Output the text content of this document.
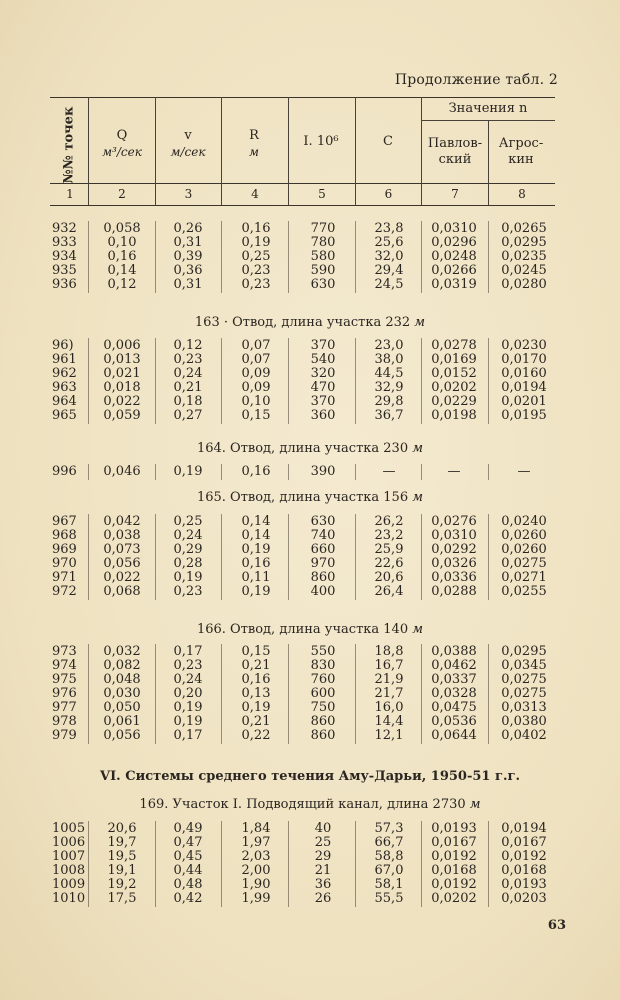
Продолжение табл. 2
№№ точек	Q
м³/сек
v
м/сек
R
м
I. 10⁶	C
Значения n
Павлов-ский
Агрос-кин
1	2	3	4	5	6	7	8
932	0,058	0,26	0,16	770	23,8	0,0310	0,0265
933	0,10	0,31	0,19	780	25,6	0,0296	0,0295
934	0,16	0,39	0,25	580	32,0	0,0248	0,0235
935	0,14	0,36	0,23	590	29,4	0,0266	0,0245
936	0,12	0,31	0,23	630	24,5	0,0319	0,0280
163 · Отвод, длина участка 232 м
96)	0,006	0,12	0,07	370	23,0	0,0278	0,0230
961	0,013	0,23	0,07	540	38,0	0,0169	0,0170
962	0,021	0,24	0,09	320	44,5	0,0152	0,0160
963	0,018	0,21	0,09	470	32,9	0,0202	0,0194
964	0,022	0,18	0,10	370	29,8	0,0229	0,0201
965	0,059	0,27	0,15	360	36,7	0,0198	0,0195
164. Отвод, длина участка 230 м
996	0,046	0,19	0,16	390	—	—	—
165. Отвод, длина участка 156 м
967	0,042	0,25	0,14	630	26,2	0,0276	0,0240
968	0,038	0,24	0,14	740	23,2	0,0310	0,0260
969	0,073	0,29	0,19	660	25,9	0,0292	0,0260
970	0,056	0,28	0,16	970	22,6	0,0326	0,0275
971	0,022	0,19	0,11	860	20,6	0,0336	0,0271
972	0,068	0,23	0,19	400	26,4	0,0288	0,0255
166. Отвод, длина участка 140 м
973	0,032	0,17	0,15	550	18,8	0,0388	0,0295
974	0,082	0,23	0,21	830	16,7	0,0462	0,0345
975	0,048	0,24	0,16	760	21,9	0,0337	0,0275
976	0,030	0,20	0,13	600	21,7	0,0328	0,0275
977	0,050	0,19	0,19	750	16,0	0,0475	0,0313
978	0,061	0,19	0,21	860	14,4	0,0536	0,0380
979	0,056	0,17	0,22	860	12,1	0,0644	0,0402
VI. Системы среднего течения Аму-Дарьи, 1950-51 г.г.
169. Участок I. Подводящий канал, длина 2730 м
1005	20,6	0,49	1,84	40	57,3	0,0193	0,0194
1006	19,7	0,47	1,97	25	66,7	0,0167	0,0167
1007	19,5	0,45	2,03	29	58,8	0,0192	0,0192
1008	19,1	0,44	2,00	21	67,0	0,0168	0,0168
1009	19,2	0,48	1,90	36	58,1	0,0192	0,0193
1010	17,5	0,42	1,99	26	55,5	0,0202	0,0203
63
